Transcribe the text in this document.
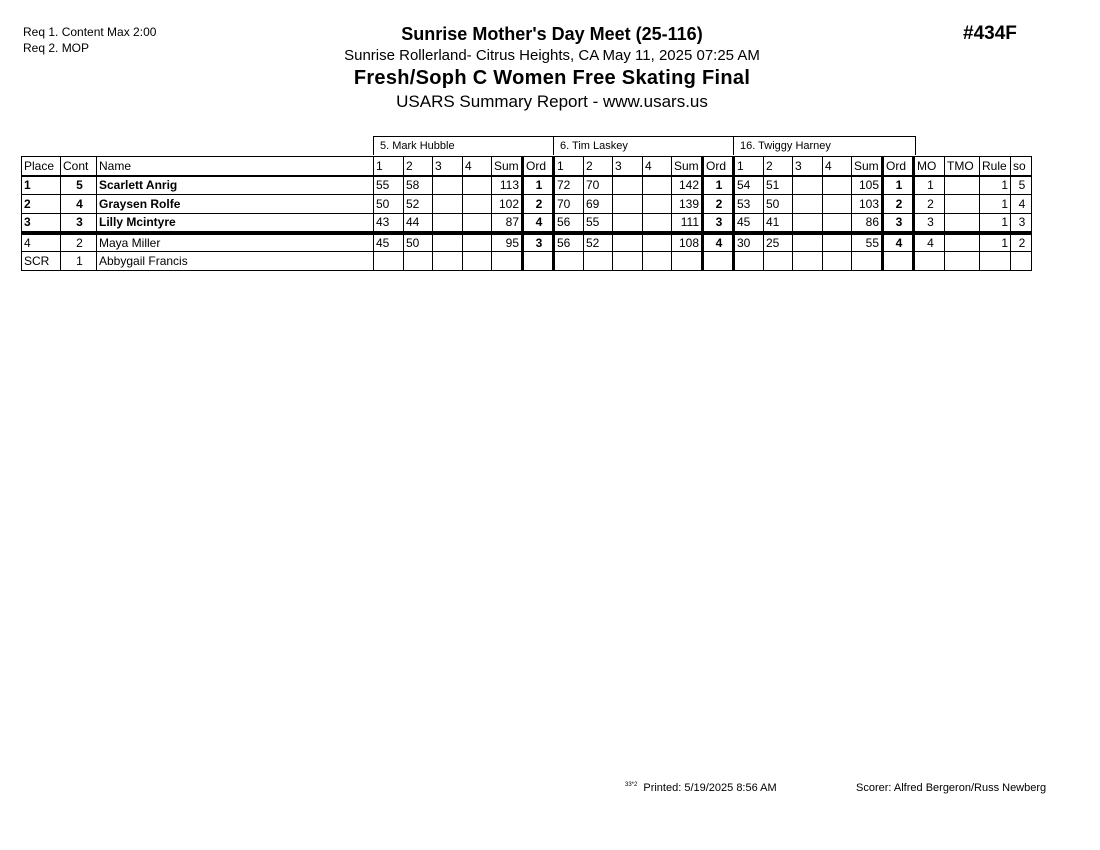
Req 1. Content Max 2:00
Req 2. MOP
#434F
Sunrise Mother's Day Meet (25-116)
Sunrise Rollerland- Citrus Heights, CA May 11, 2025 07:25 AM
Fresh/Soph C Women Free Skating Final
USARS Summary Report - www.usars.us
5. Mark Hubble	6. Tim Laskey	16. Twiggy Harney
Place	Cont	Name	1	2	3	4	Sum	Ord	1	2	3	4	Sum	Ord	1	2	3	4	Sum	Ord	MO	TMO	Rule	so
1	5	Scarlett Anrig	55	58			113	1	72	70			142	1	54	51			105	1	1		1	5
2	4	Graysen Rolfe	50	52			102	2	70	69			139	2	53	50			103	2	2		1	4
3	3	Lilly Mcintyre	43	44			87	4	56	55			111	3	45	41			86	3	3		1	3
4	2	Maya Miller	45	50			95	3	56	52			108	4	30	25			55	4	4		1	2
SCR	1	Abbygail Francis																						
$^{33*2}$ Printed: 5/19/2025 8:56 AM	Scorer: Alfred Bergeron/Russ Newberg
